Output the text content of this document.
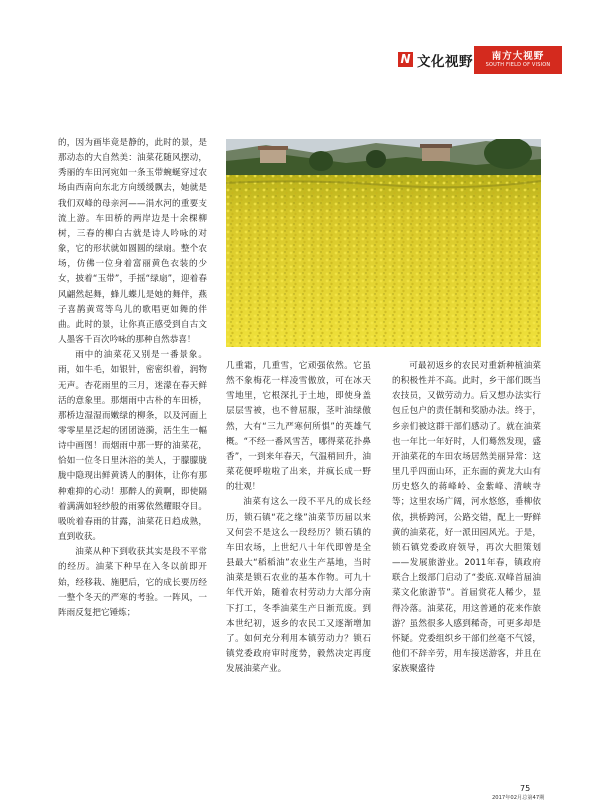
N 文化视野	南方大视野
SOUTH FIELD OF VISION

的，因为画毕竟是静的，此时的景，是那动态的大自然美：油菜花随风摆动，秀丽的车田河宛如一条玉带蜿蜒穿过农场由西南向东北方向缓缓飘去，她就是我们双峰的母亲河——涓水河的重要支流上游。车田桥的两岸边是十余棵柳树，三春的柳白古就是诗人吟咏的对象，它的形状就如圆圆的绿扇。整个农场，仿佛一位身着富丽黄色衣装的少女，披着“玉带”，手摇“绿扇”，迎着春风翩然起舞，蜂儿蝶儿是她的舞伴，燕子喜鹊黄莺等鸟儿的歌唱更如舞的伴曲。此时的景，让你真正感受到自古文人墨客千百次吟咏的那种自然恭喜！

雨中的油菜花又别是一番景象。雨，如牛毛，如银针，密密织着，润物无声。杏花雨里的三月，迷濛在春天鲜活的意象里。那烟雨中古朴的车田桥，那桥边湿湿而嫩绿的柳条，以及河面上零零星星泛起的团团涟漪，活生生一幅诗中画图！而烟雨中那一野的油菜花，恰如一位冬日里沐浴的美人，于朦朦胧胧中隐现出鲜黄诱人的胴体，让你有那种难抑的心动！那醉人的黄啊，即使隔着满满如轻纱般的雨雾依然耀眼夺目。吸吮着春雨的甘露，油菜花日趋成熟，直到收获。

油菜从种下到收获其实是段不平常的经历。油菜下种早在入冬以前即开始，经移栽、施肥后，它的成长要历经一整个冬天的严寒的考验。一阵风，一阵雨反复把它锤炼；

几重霜，几重雪，它顽强依然。它虽然不象梅花一样凌雪傲放，可在冰天雪地里，它根深扎于土地，即使身盖层层雪被，也不曾屈服，茎叶油绿傲然，大有“三九严寒何所惧”的英雄气概。“不经一番风雪苦，哪得菜花扑鼻香”，一到来年春天，气温稍回升，油菜花便呼啦啦了出来，并疯长成一野的壮观！

油菜有这么一段不平凡的成长经历，锁石镇“花之缘”油菜节历届以来又何尝不是这么一段经历？锁石镇的车田农场，上世纪八十年代即曾是全县最大“稻稻油”农业生产基地，当时油菜是锁石农业的基本作物。可九十年代开始，随着农村劳动力大部分南下打工，冬季油菜生产日渐荒废。到本世纪初，返乡的农民工又逐渐增加了。如何充分利用本镇劳动力？锁石镇党委政府审时度势，毅然决定再度发展油菜产业。

可最初返乡的农民对重新种植油菜的积极性并不高。此时，乡干部们既当农技员，又做劳动力。后又想办法实行包丘包户的责任制和奖励办法。终于，乡亲们被这群干部们感动了。就在油菜也一年比一年好时，人们蓦然发现，盛开油菜花的车田农场居然美丽异常：这里几乎四面山环，正东面的黄龙大山有历史悠久的蒋峰岭、金紫峰、清峡寺等；这里农场广阔，河水悠悠，垂柳依依，拱桥跨河，公路交错，配上一野鲜黄的油菜花，好一派田园风光。于是，锁石镇党委政府领导，再次大胆策划——发展旅游业。2011年春，镇政府联合上级部门启动了“娄底.双峰首届油菜文化旅游节”。首届赏花人稀少，显得冷落。油菜花，用这普通的花来作旅游？虽然很多人感到稀奇，可更多却是怀疑。党委组织乡干部们丝毫不气馁，他们不辞辛劳，用车接送游客，并且在家族聚盛待

75
2017年02月总第47期
